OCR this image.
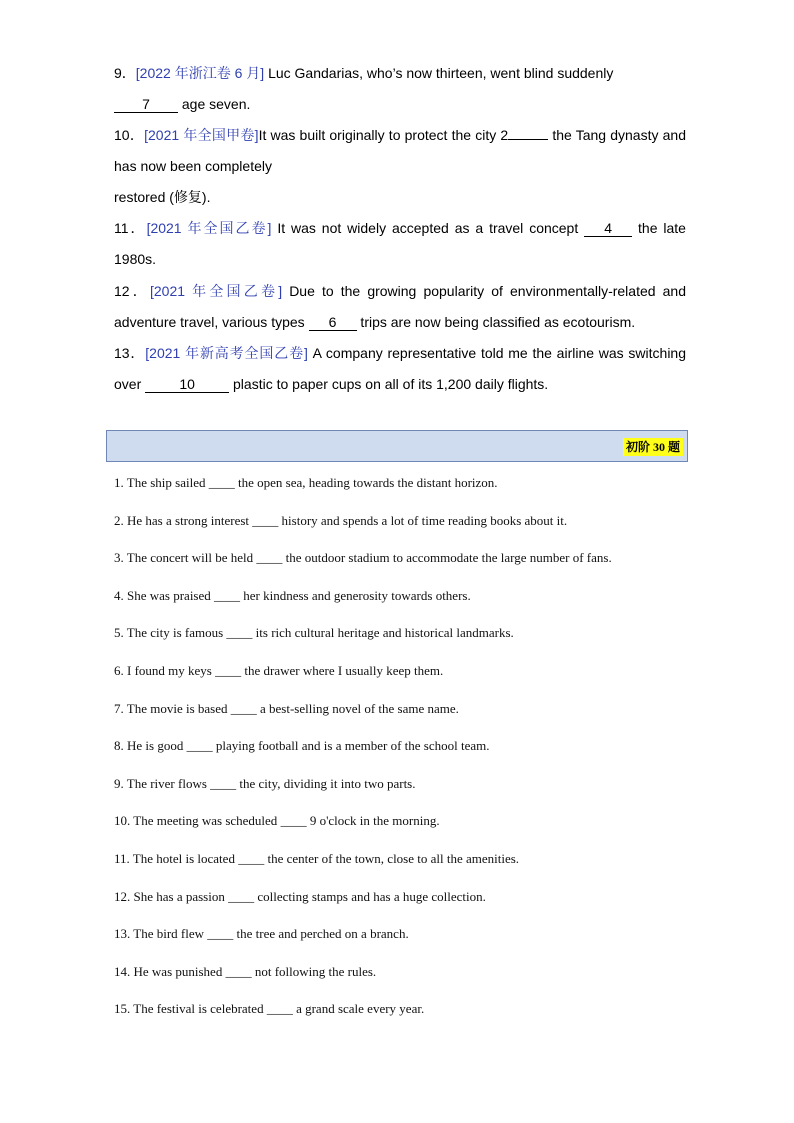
9．[2022 年浙江卷 6 月] Luc Gandarias, who’s now thirteen, went blind suddenly
7 age seven.
10．[2021 年全国甲卷]It was built originally to protect the city 2	the Tang dynasty and has now been completely
restored (修复).
11．[2021 年全国乙卷] It was not widely accepted as a travel concept 4 the late 1980s.
12．[2021 年全国乙卷] Due to the growing popularity of environmentally-related and adventure travel, various types 6 trips are now being classified as ecotourism.
13．[2021 年新高考全国乙卷] A company representative told me the airline was switching over 10 plastic to paper cups on all of its 1,200 daily flights.
初阶 30 题
1. The ship sailed ____ the open sea, heading towards the distant horizon.
2. He has a strong interest ____ history and spends a lot of time reading books about it.
3. The concert will be held ____ the outdoor stadium to accommodate the large number of fans.
4. She was praised ____ her kindness and generosity towards others.
5. The city is famous ____ its rich cultural heritage and historical landmarks.
6. I found my keys ____ the drawer where I usually keep them.
7. The movie is based ____ a best-selling novel of the same name.
8. He is good ____ playing football and is a member of the school team.
9. The river flows ____ the city, dividing it into two parts.
10. The meeting was scheduled ____ 9 o'clock in the morning.
11. The hotel is located ____ the center of the town, close to all the amenities.
12. She has a passion ____ collecting stamps and has a huge collection.
13. The bird flew ____ the tree and perched on a branch.
14. He was punished ____ not following the rules.
15. The festival is celebrated ____ a grand scale every year.
